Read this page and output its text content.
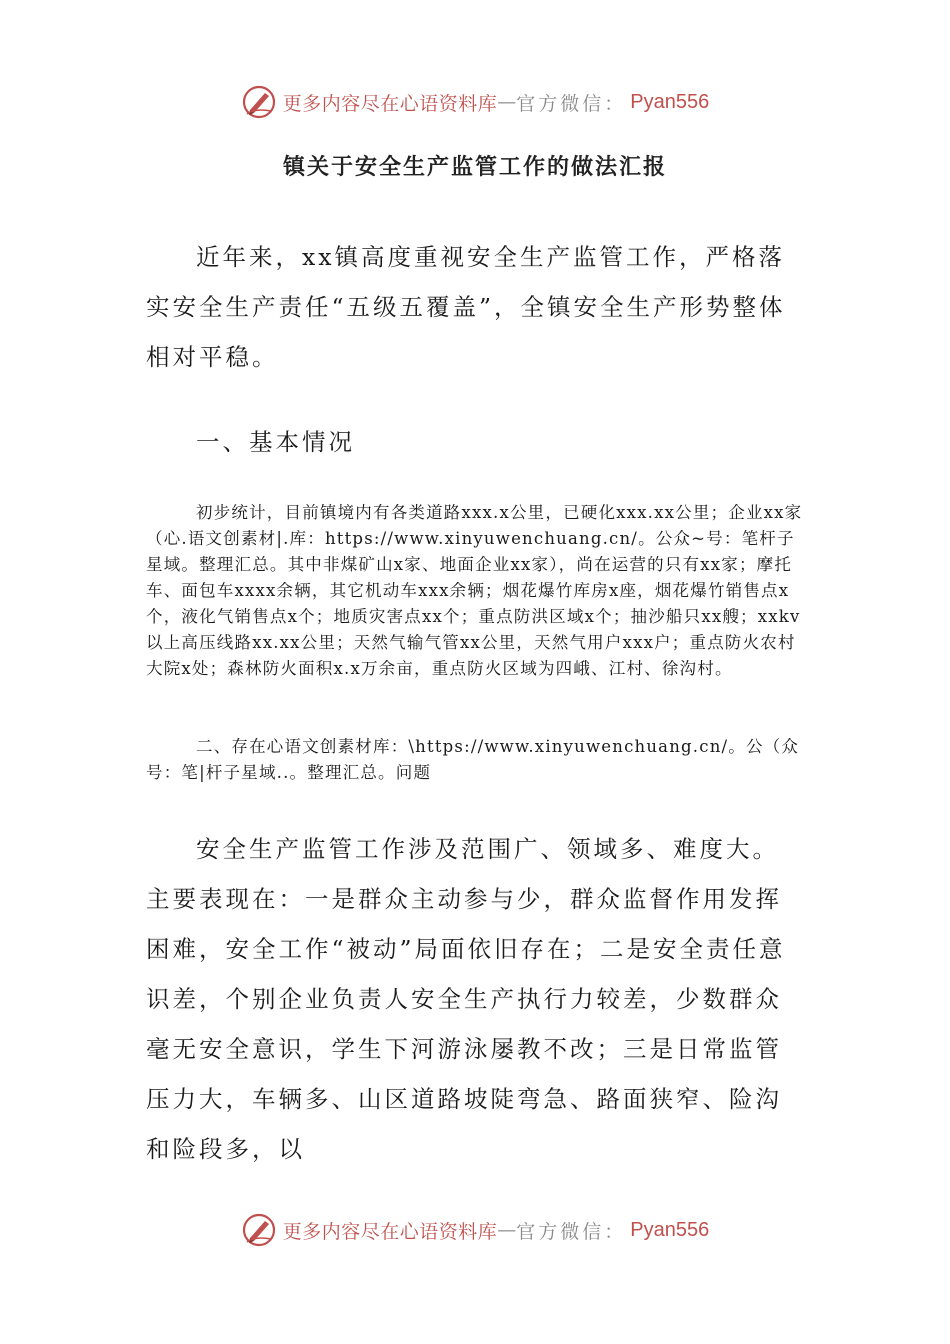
更多内容尽在心语资料库 — 官方微信： Pyan556
镇关于安全生产监管工作的做法汇报

近年来，xx镇高度重视安全生产监管工作，严格落实安全生产责任“五级五覆盖”，全镇安全生产形势整体相对平稳。

一、基本情况

初步统计，目前镇境内有各类道路xxx.x公里，已硬化xxx.xx公里；企业xx家（心.语文创素材|.库：https://www.xinyuwenchuang.cn/。公众~号：笔杆子星域。整理汇总。其中非煤矿山x家、地面企业xx家），尚在运营的只有xx家；摩托车、面包车xxxx余辆，其它机动车xxx余辆；烟花爆竹库房x座，烟花爆竹销售点x个，液化气销售点x个；地质灾害点xx个；重点防洪区域x个；抽沙船只xx艘；xxkv以上高压线路xx.xx公里；天然气输气管xx公里，天然气用户xxx户；重点防火农村大院x处；森林防火面积x.x万余亩，重点防火区域为四峨、江村、徐沟村。

二、存在心语文创素材库：\https://www.xinyuwenchuang.cn/。公（众号：笔|杆子星域..。整理汇总。问题

安全生产监管工作涉及范围广、领域多、难度大。主要表现在：一是群众主动参与少，群众监督作用发挥困难，安全工作“被动”局面依旧存在；二是安全责任意识差，个别企业负责人安全生产执行力较差，少数群众毫无安全意识，学生下河游泳屡教不改；三是日常监管压力大，车辆多、山区道路坡陡弯急、路面狭窄、险沟和险段多，以

更多内容尽在心语资料库 — 官方微信： Pyan556
